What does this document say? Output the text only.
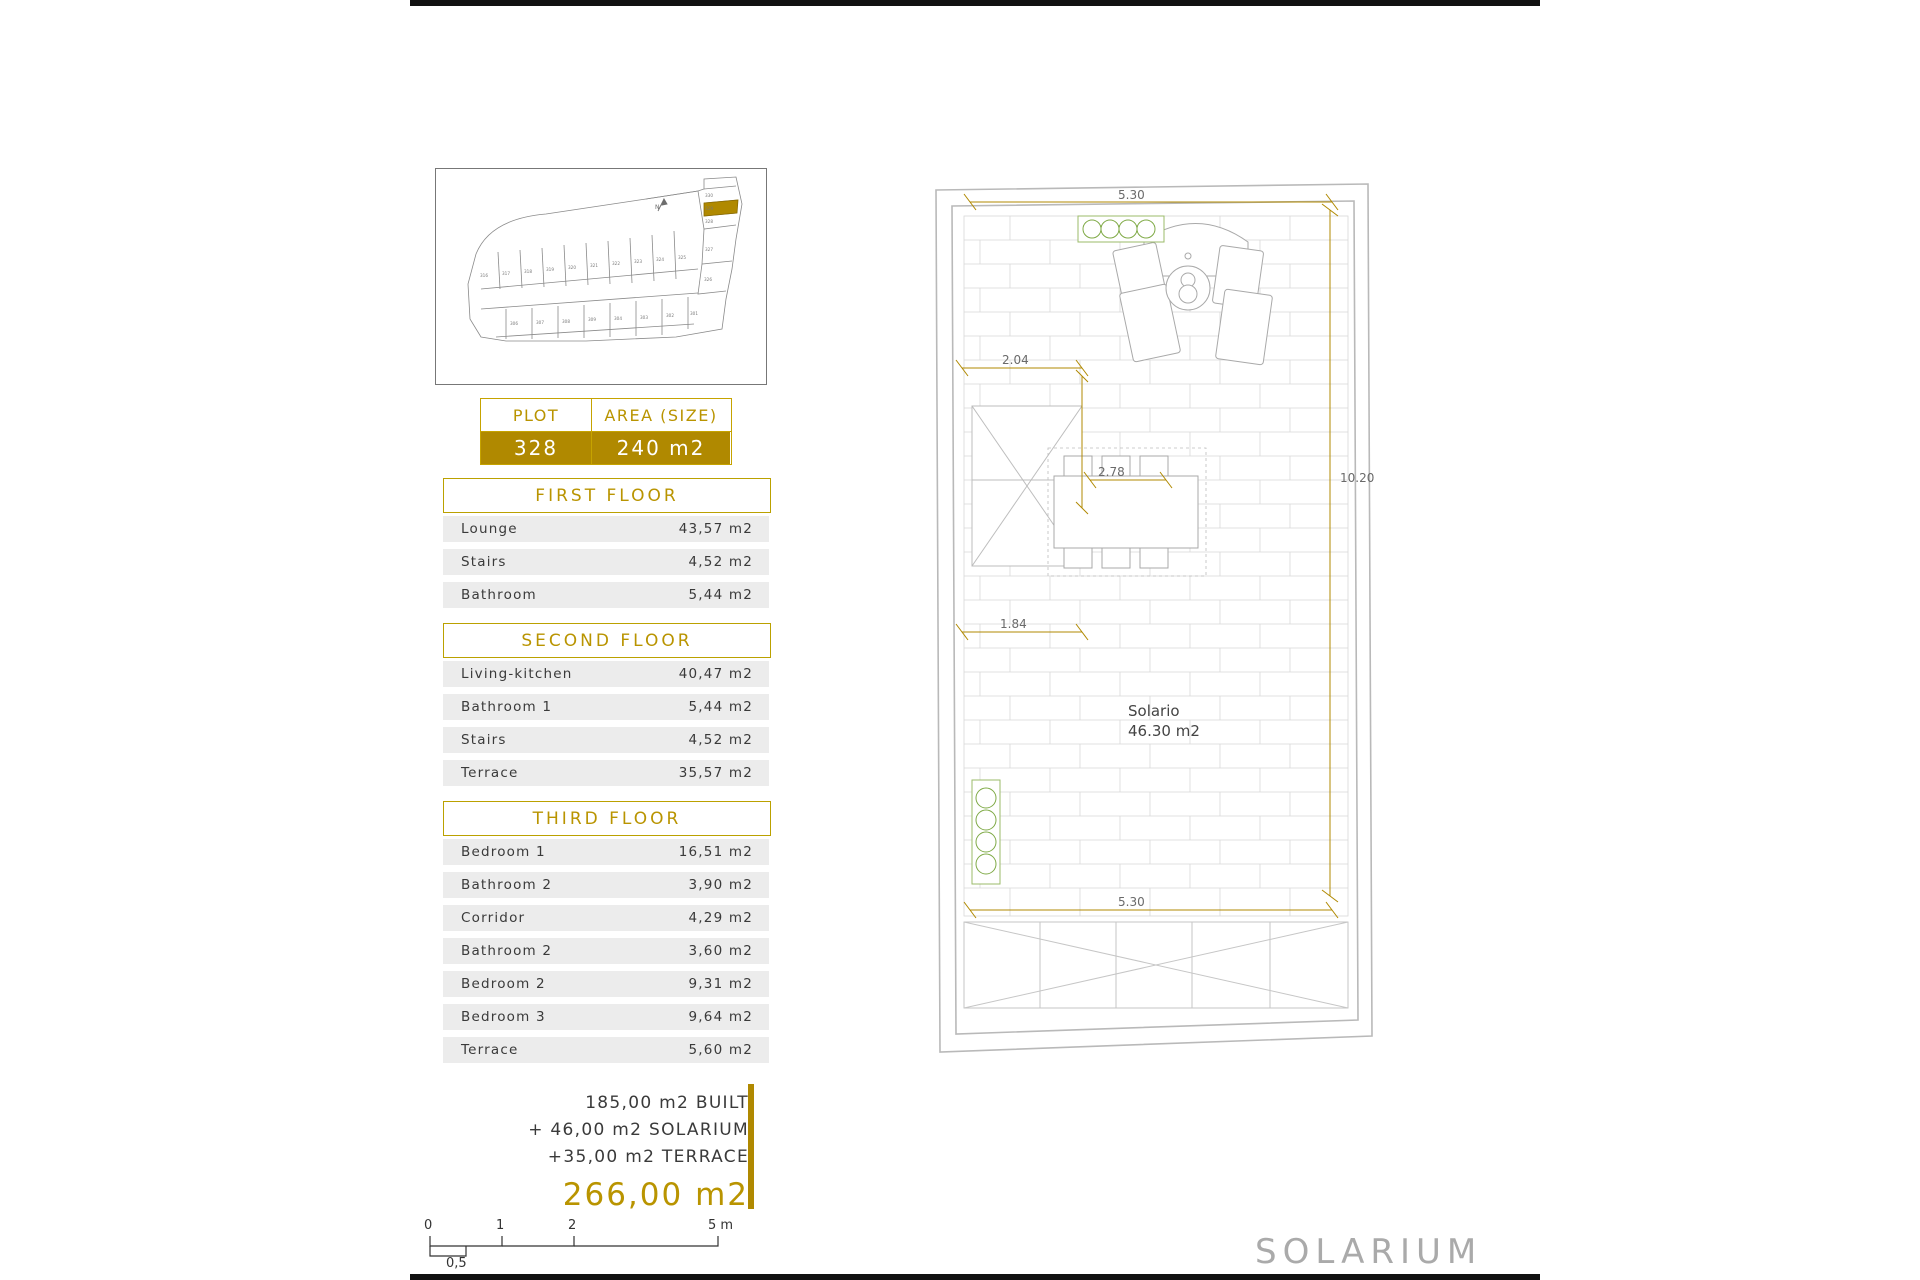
N
330
329
328
327
326
316	317	318	319	320	321	322	323	324	325
306	307	308	309	304	303	302	301
PLOT	AREA (SIZE)
328	240 m2
FIRST FLOOR
Lounge	43,57 m2
Stairs	4,52 m2
Bathroom	5,44 m2
SECOND FLOOR
Living-kitchen	40,47 m2
Bathroom 1	5,44 m2
Stairs	4,52 m2
Terrace	35,57 m2
THIRD FLOOR
Bedroom 1	16,51 m2
Bathroom 2	3,90 m2
Corridor	4,29 m2
Bathroom 2	3,60 m2
Bedroom 2	9,31 m2
Bedroom 3	9,64 m2
Terrace	5,60 m2
185,00 m2 BUILT
+ 46,00 m2 SOLARIUM
+35,00 m2 TERRACE
266,00 m2
0	1	2	5 m
0,5
5.30
2.04
2.78
1.84
10.20
5.30
Solario
46.30 m2
SOLARIUM
